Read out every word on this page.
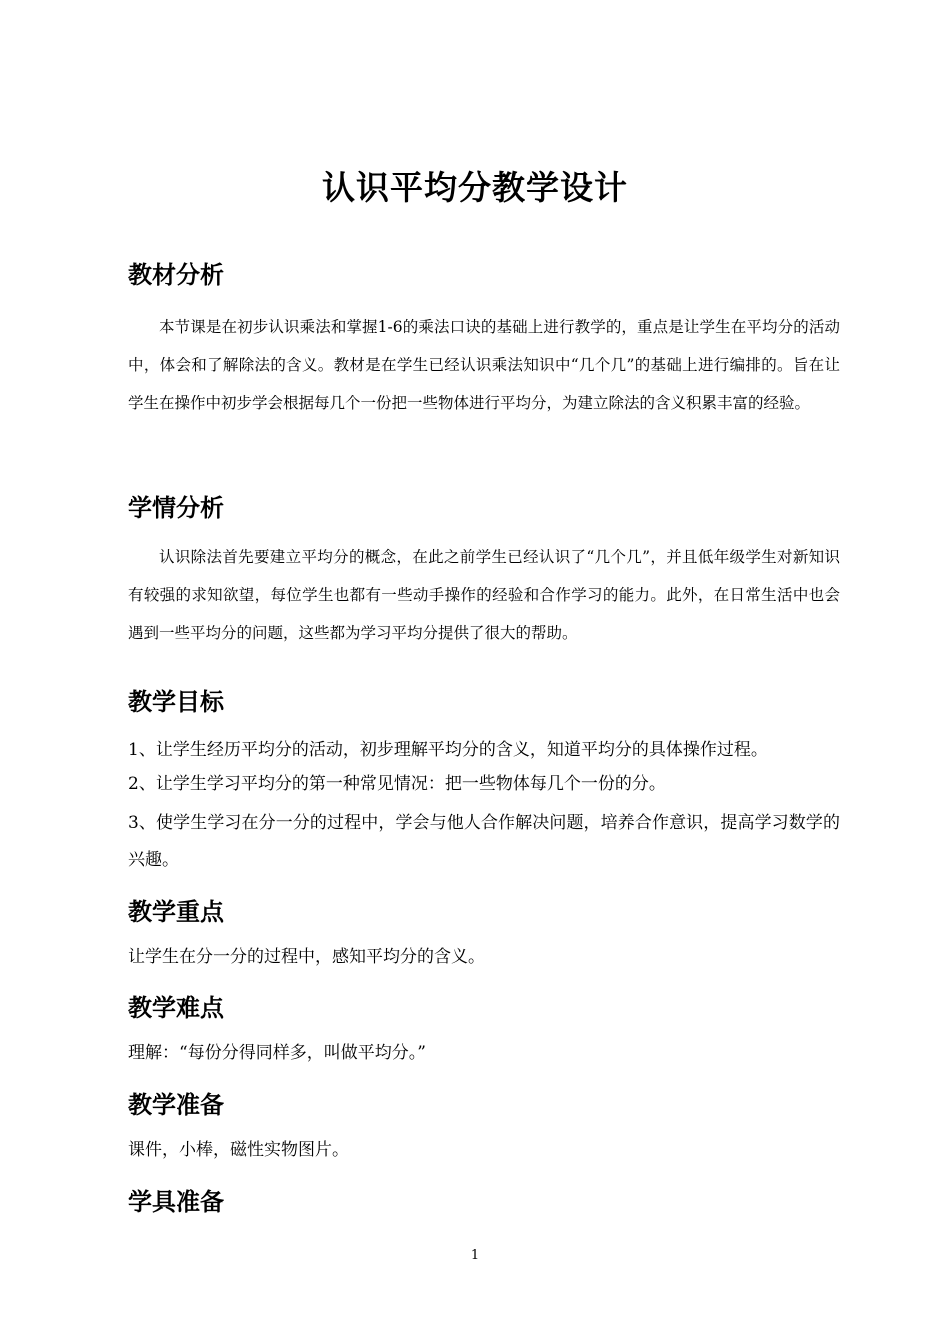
认识平均分教学设计
教材分析
本节课是在初步认识乘法和掌握1-6的乘法口诀的基础上进行教学的，重点是让学生在平均分的活动中，体会和了解除法的含义。教材是在学生已经认识乘法知识中“几个几”的基础上进行编排的。旨在让学生在操作中初步学会根据每几个一份把一些物体进行平均分，为建立除法的含义积累丰富的经验。
学情分析
认识除法首先要建立平均分的概念，在此之前学生已经认识了“几个几”，并且低年级学生对新知识有较强的求知欲望，每位学生也都有一些动手操作的经验和合作学习的能力。此外，在日常生活中也会遇到一些平均分的问题，这些都为学习平均分提供了很大的帮助。
教学目标
1、让学生经历平均分的活动，初步理解平均分的含义，知道平均分的具体操作过程。
2、让学生学习平均分的第一种常见情况：把一些物体每几个一份的分。
3、使学生学习在分一分的过程中，学会与他人合作解决问题，培养合作意识，提高学习数学的兴趣。
教学重点
让学生在分一分的过程中，感知平均分的含义。
教学难点
理解：“每份分得同样多，叫做平均分。”
教学准备
课件，小棒，磁性实物图片。
学具准备
1
